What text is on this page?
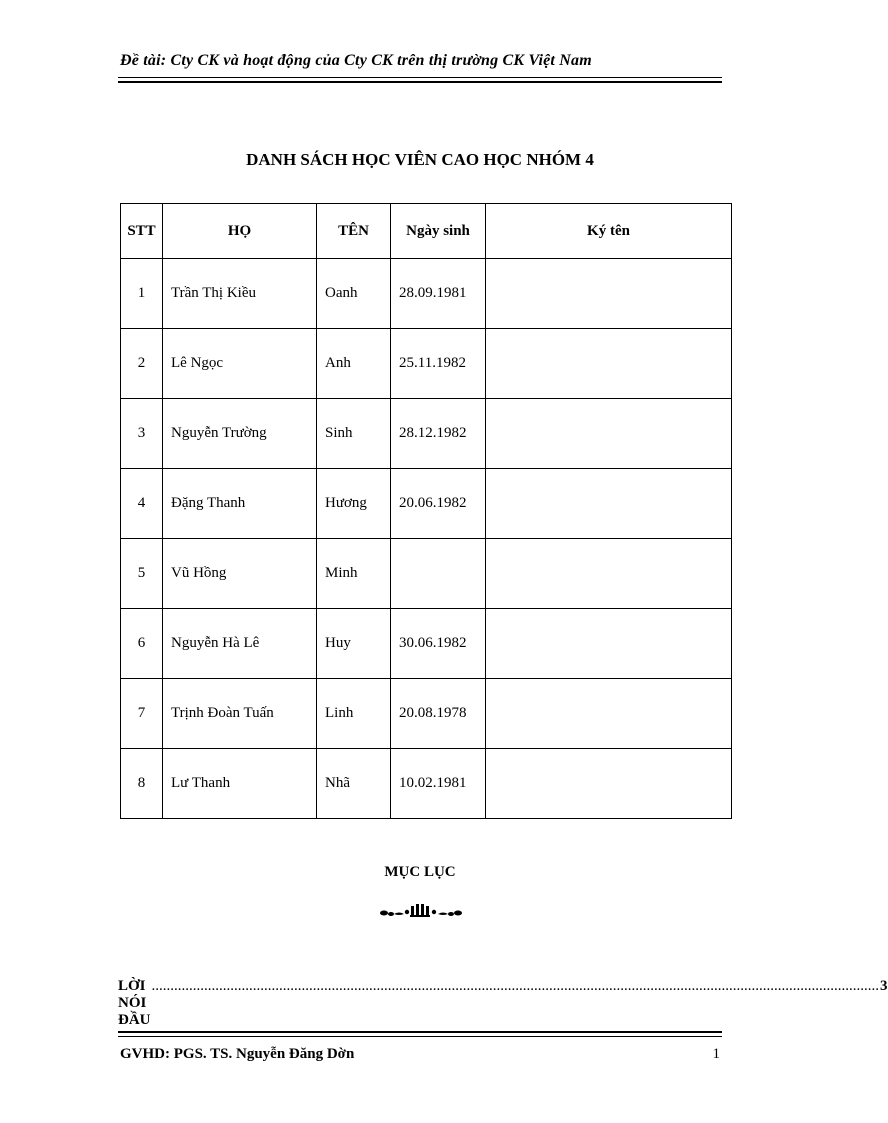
Đề tài: Cty CK và hoạt động của Cty CK trên thị trường CK Việt Nam
DANH SÁCH HỌC VIÊN CAO HỌC NHÓM 4
STT	HỌ	TÊN	Ngày sinh	Ký tên
1	Trần Thị Kiều	Oanh	28.09.1981	
2	Lê Ngọc	Anh	25.11.1982	
3	Nguyễn Trường	Sinh	28.12.1982	
4	Đặng Thanh	Hương	20.06.1982	
5	Vũ Hồng	Minh		
6	Nguyễn Hà Lê	Huy	30.06.1982	
7	Trịnh Đoàn Tuấn	Linh	20.08.1978	
8	Lư Thanh	Nhã	10.02.1981	
MỤC LỤC
LỜI NÓI ĐẦU
.................................................................................................................................................................................................. 3
GVHD: PGS. TS. Nguyễn Đăng Dờn	1
